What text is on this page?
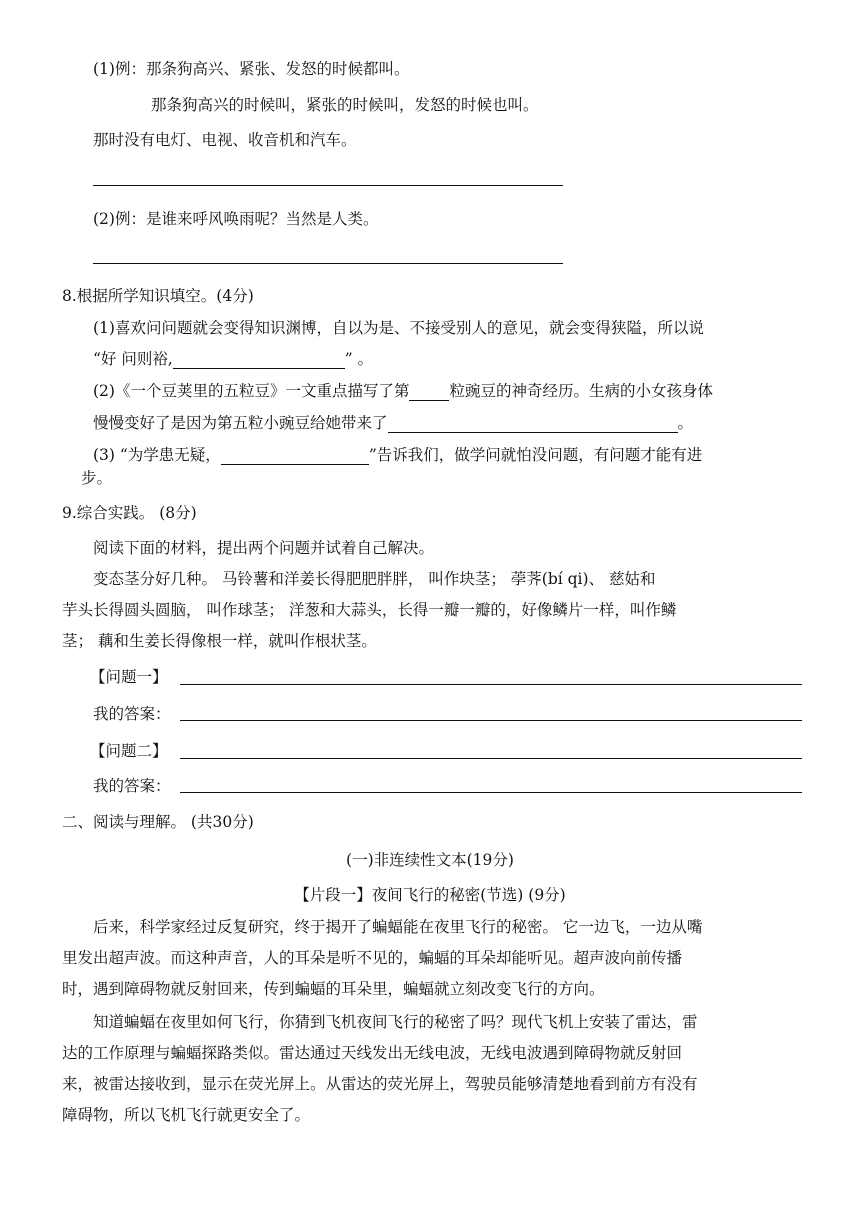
(1)例：那条狗高兴、紧张、发怒的时候都叫。
那条狗高兴的时候叫，紧张的时候叫，发怒的时候也叫。
那时没有电灯、电视、收音机和汽车。
(2)例：是谁来呼风唤雨呢？当然是人类。
8.根据所学知识填空。(4分)
(1)喜欢问问题就会变得知识渊博，自以为是、不接受别人的意见，就会变得狭隘，所以说
“好 问则裕,	” 。
(2)《一个豆荚里的五粒豆》一文重点描写了第	粒豌豆的神奇经历。生病的小女孩身体
慢慢变好了是因为第五粒小豌豆给她带来了	。
(3) “为学患无疑，	”告诉我们，做学问就怕没问题，有问题才能有进
步。
9.综合实践。 (8分)
阅读下面的材料，提出两个问题并试着自己解决。
变态茎分好几种。 马铃薯和洋姜长得肥肥胖胖， 叫作块茎； 荸荠(bí qi)、 慈姑和
芋头长得圆头圆脑， 叫作球茎； 洋葱和大蒜头，长得一瓣一瓣的，好像鳞片一样，叫作鳞
茎； 藕和生姜长得像根一样，就叫作根状茎。
【问题一】
我的答案：
【问题二】
我的答案：
二、阅读与理解。 (共30分)
(一)非连续性文本(19分)
【片段一】夜间飞行的秘密(节选) (9分)
后来，科学家经过反复研究，终于揭开了蝙蝠能在夜里飞行的秘密。 它一边飞，一边从嘴
里发出超声波。而这种声音，人的耳朵是听不见的，蝙蝠的耳朵却能听见。超声波向前传播
时，遇到障碍物就反射回来，传到蝙蝠的耳朵里，蝙蝠就立刻改变飞行的方向。
知道蝙蝠在夜里如何飞行，你猜到飞机夜间飞行的秘密了吗？现代飞机上安装了雷达，雷
达的工作原理与蝙蝠探路类似。雷达通过天线发出无线电波，无线电波遇到障碍物就反射回
来，被雷达接收到，显示在荧光屏上。从雷达的荧光屏上，驾驶员能够清楚地看到前方有没有
障碍物，所以飞机飞行就更安全了。
